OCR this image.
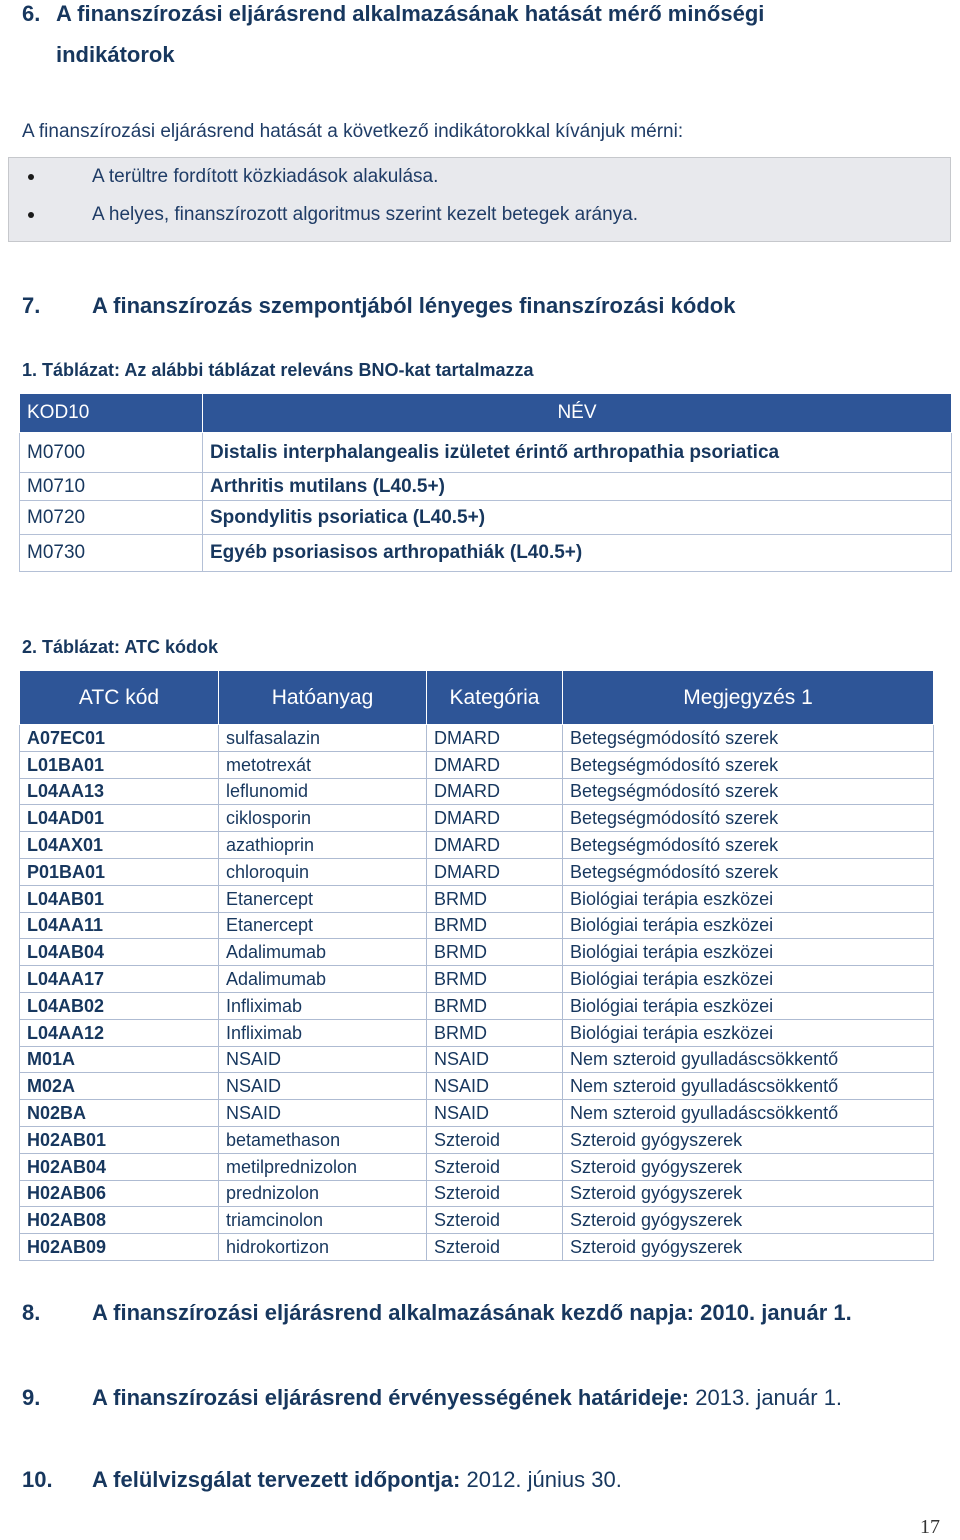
6. A finanszírozási eljárásrend alkalmazásának hatását mérő minőségi
indikátorok
A finanszírozási eljárásrend hatását a következő indikátorokkal kívánjuk mérni:
A terültre fordított közkiadások alakulása.
A helyes, finanszírozott algoritmus szerint kezelt betegek aránya.
7. A finanszírozás szempontjából lényeges finanszírozási kódok
1. Táblázat: Az alábbi táblázat releváns BNO-kat tartalmazza
KOD10	NÉV
M0700	Distalis interphalangealis izületet érintő arthropathia psoriatica
M0710	Arthritis mutilans (L40.5+)
M0720	Spondylitis psoriatica (L40.5+)
M0730	Egyéb psoriasisos arthropathiák (L40.5+)
2. Táblázat: ATC kódok
ATC kód	Hatóanyag	Kategória	Megjegyzés 1
A07EC01	sulfasalazin	DMARD	Betegségmódosító szerek
L01BA01	metotrexát	DMARD	Betegségmódosító szerek
L04AA13	leflunomid	DMARD	Betegségmódosító szerek
L04AD01	ciklosporin	DMARD	Betegségmódosító szerek
L04AX01	azathioprin	DMARD	Betegségmódosító szerek
P01BA01	chloroquin	DMARD	Betegségmódosító szerek
L04AB01	Etanercept	BRMD	Biológiai terápia eszközei
L04AA11	Etanercept	BRMD	Biológiai terápia eszközei
L04AB04	Adalimumab	BRMD	Biológiai terápia eszközei
L04AA17	Adalimumab	BRMD	Biológiai terápia eszközei
L04AB02	Infliximab	BRMD	Biológiai terápia eszközei
L04AA12	Infliximab	BRMD	Biológiai terápia eszközei
M01A	NSAID	NSAID	Nem szteroid gyulladáscsökkentő
M02A	NSAID	NSAID	Nem szteroid gyulladáscsökkentő
N02BA	NSAID	NSAID	Nem szteroid gyulladáscsökkentő
H02AB01	betamethason	Szteroid	Szteroid gyógyszerek
H02AB04	metilprednizolon	Szteroid	Szteroid gyógyszerek
H02AB06	prednizolon	Szteroid	Szteroid gyógyszerek
H02AB08	triamcinolon	Szteroid	Szteroid gyógyszerek
H02AB09	hidrokortizon	Szteroid	Szteroid gyógyszerek
8. A finanszírozási eljárásrend alkalmazásának kezdő napja: 2010. január 1.
9. A finanszírozási eljárásrend érvényességének határideje: 2013. január 1.
10. A felülvizsgálat tervezett időpontja: 2012. június 30.
17
